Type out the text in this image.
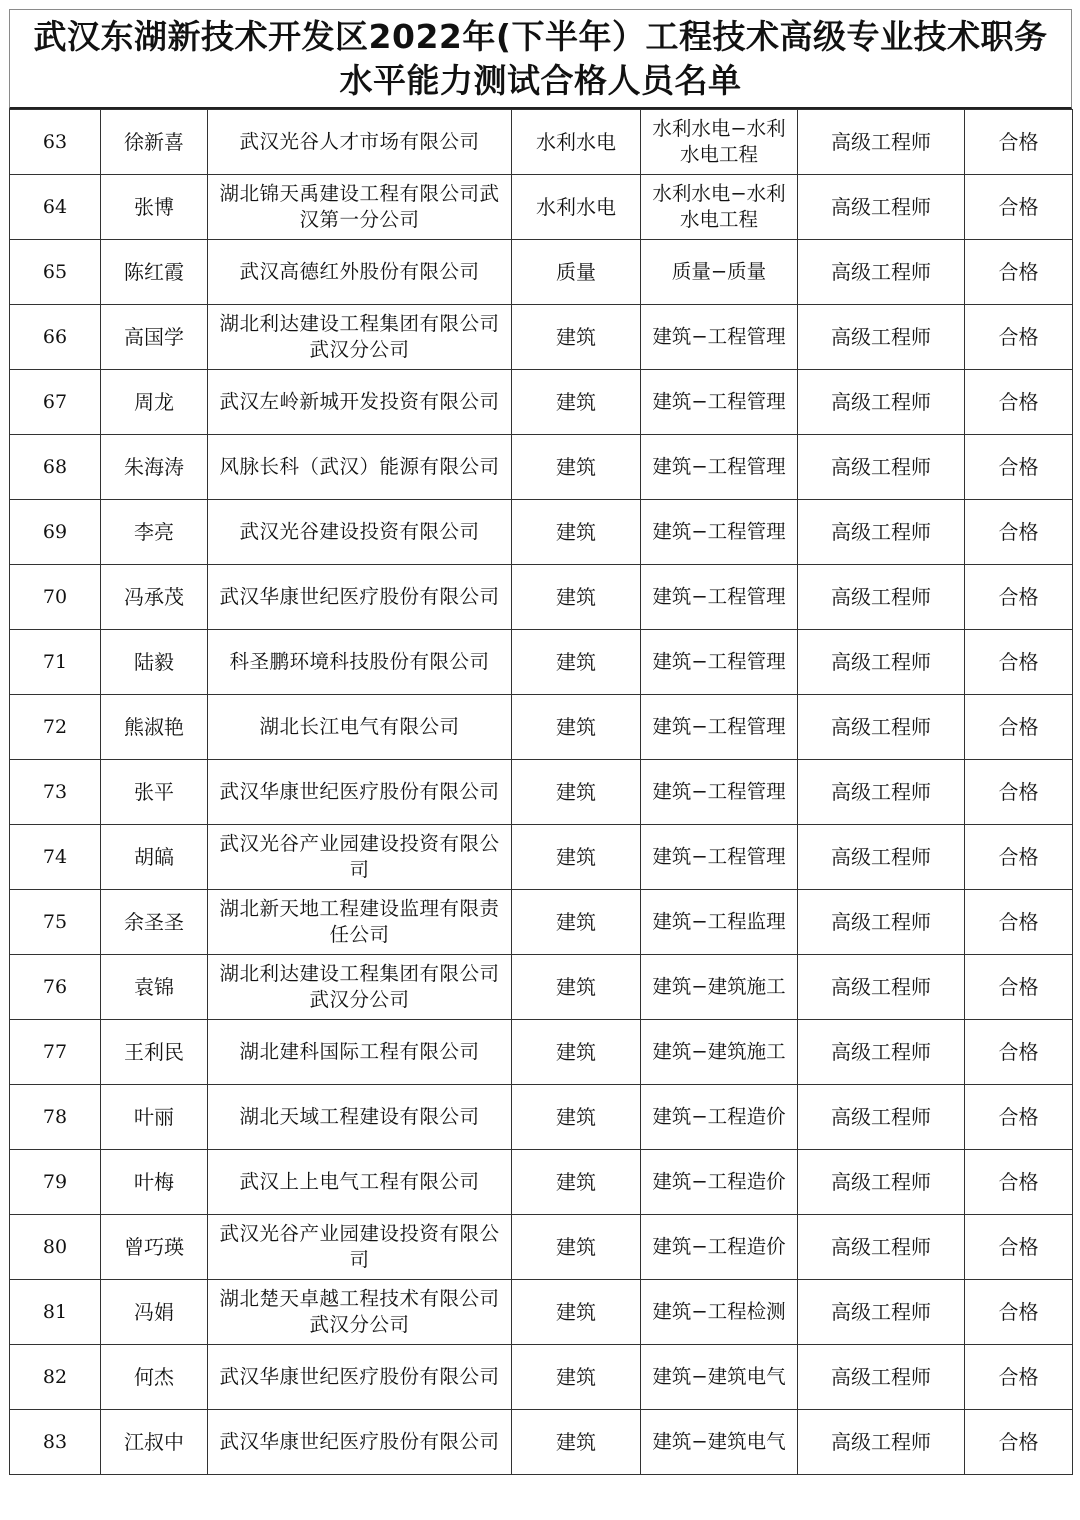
武汉东湖新技术开发区2022年(下半年）工程技术高级专业技术职务
水平能力测试合格人员名单
63	徐新喜	武汉光谷人才市场有限公司	水利水电	水利水电−水利水电工程	高级工程师	合格
64	张博	湖北锦天禹建设工程有限公司武汉第一分公司	水利水电	水利水电−水利水电工程	高级工程师	合格
65	陈红霞	武汉高德红外股份有限公司	质量	质量−质量	高级工程师	合格
66	高国学	湖北利达建设工程集团有限公司武汉分公司	建筑	建筑−工程管理	高级工程师	合格
67	周龙	武汉左岭新城开发投资有限公司	建筑	建筑−工程管理	高级工程师	合格
68	朱海涛	风脉长科（武汉）能源有限公司	建筑	建筑−工程管理	高级工程师	合格
69	李亮	武汉光谷建设投资有限公司	建筑	建筑−工程管理	高级工程师	合格
70	冯承茂	武汉华康世纪医疗股份有限公司	建筑	建筑−工程管理	高级工程师	合格
71	陆毅	科圣鹏环境科技股份有限公司	建筑	建筑−工程管理	高级工程师	合格
72	熊淑艳	湖北长江电气有限公司	建筑	建筑−工程管理	高级工程师	合格
73	张平	武汉华康世纪医疗股份有限公司	建筑	建筑−工程管理	高级工程师	合格
74	胡皜	武汉光谷产业园建设投资有限公司	建筑	建筑−工程管理	高级工程师	合格
75	余圣圣	湖北新天地工程建设监理有限责任公司	建筑	建筑−工程监理	高级工程师	合格
76	袁锦	湖北利达建设工程集团有限公司武汉分公司	建筑	建筑−建筑施工	高级工程师	合格
77	王利民	湖北建科国际工程有限公司	建筑	建筑−建筑施工	高级工程师	合格
78	叶丽	湖北天域工程建设有限公司	建筑	建筑−工程造价	高级工程师	合格
79	叶梅	武汉上上电气工程有限公司	建筑	建筑−工程造价	高级工程师	合格
80	曾巧瑛	武汉光谷产业园建设投资有限公司	建筑	建筑−工程造价	高级工程师	合格
81	冯娟	湖北楚天卓越工程技术有限公司武汉分公司	建筑	建筑−工程检测	高级工程师	合格
82	何杰	武汉华康世纪医疗股份有限公司	建筑	建筑−建筑电气	高级工程师	合格
83	江叔中	武汉华康世纪医疗股份有限公司	建筑	建筑−建筑电气	高级工程师	合格
